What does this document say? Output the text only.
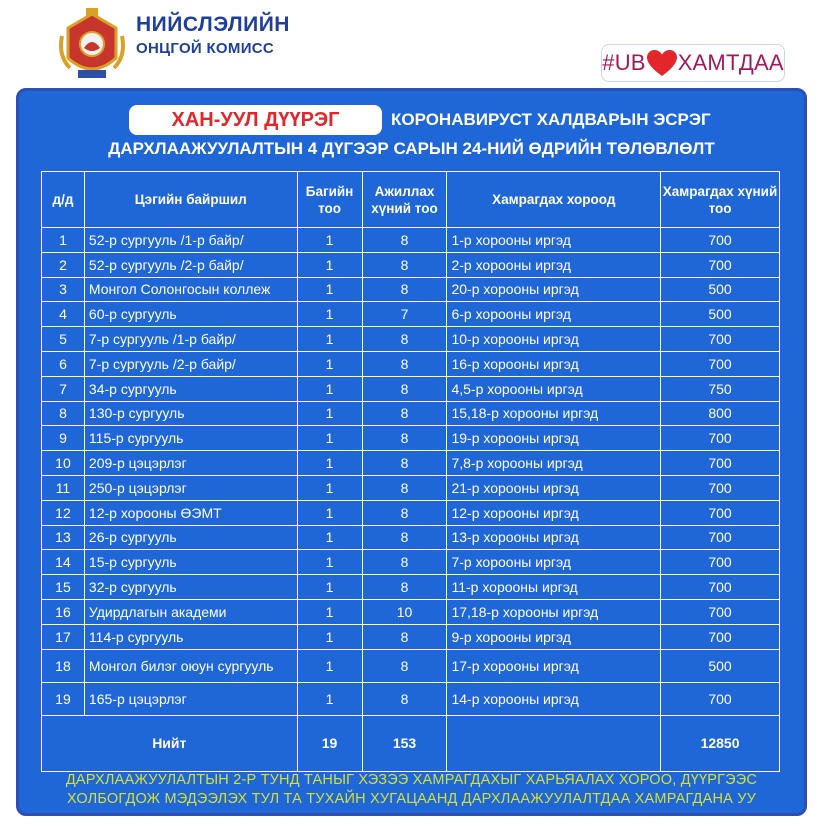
НИЙСЛЭЛИЙН
ОНЦГОЙ КОМИСС
#UB ХАМТДАА
ХАН-УУЛ ДҮҮРЭГ	КОРОНАВИРУСТ ХАЛДВАРЫН ЭСРЭГ
ДАРХЛААЖУУЛАЛТЫН 4 ДҮГЭЭР САРЫН 24-НИЙ ӨДРИЙН ТӨЛӨВЛӨЛТ
д/д	Цэгийн байршил	Багийн тоо	Ажиллах хүний тоо	Хамрагдах хороод	Хамрагдах хүний тоо
1	52-р сургууль /1-р байр/	1	8	1-р хорооны иргэд	700
2	52-р сургууль /2-р байр/	1	8	2-р хорооны иргэд	700
3	Монгол Солонгосын коллеж	1	8	20-р хорооны иргэд	500
4	60-р сургууль	1	7	6-р хорооны иргэд	500
5	7-р сургууль /1-р байр/	1	8	10-р хорооны иргэд	700
6	7-р сургууль /2-р байр/	1	8	16-р хорооны иргэд	700
7	34-р сургууль	1	8	4,5-р хорооны иргэд	750
8	130-р сургууль	1	8	15,18-р хорооны иргэд	800
9	115-р сургууль	1	8	19-р хорооны иргэд	700
10	209-р цэцэрлэг	1	8	7,8-р хорооны иргэд	700
11	250-р цэцэрлэг	1	8	21-р хорооны иргэд	700
12	12-р хорооны ӨЭМТ	1	8	12-р хорооны иргэд	700
13	26-р сургууль	1	8	13-р хорооны иргэд	700
14	15-р сургууль	1	8	7-р хорооны иргэд	700
15	32-р сургууль	1	8	11-р хорооны иргэд	700
16	Удирдлагын академи	1	10	17,18-р хорооны иргэд	700
17	114-р сургууль	1	8	9-р хорооны иргэд	700
18	Монгол билэг оюун сургууль	1	8	17-р хорооны иргэд	500
19	165-р цэцэрлэг	1	8	14-р хорооны иргэд	700
Нийт		19	153		12850
ДАРХЛААЖУУЛАЛТЫН 2-Р ТУНД ТАНЫГ ХЭЗЭЭ ХАМРАГДАХЫГ ХАРЬЯАЛАХ ХОРОО, ДҮҮРГЭЭС
ХОЛБОГДОЖ МЭДЭЭЛЭХ ТУЛ ТА ТУХАЙН ХУГАЦААНД ДАРХЛААЖУУЛАЛТДАА ХАМРАГДАНА УУ
